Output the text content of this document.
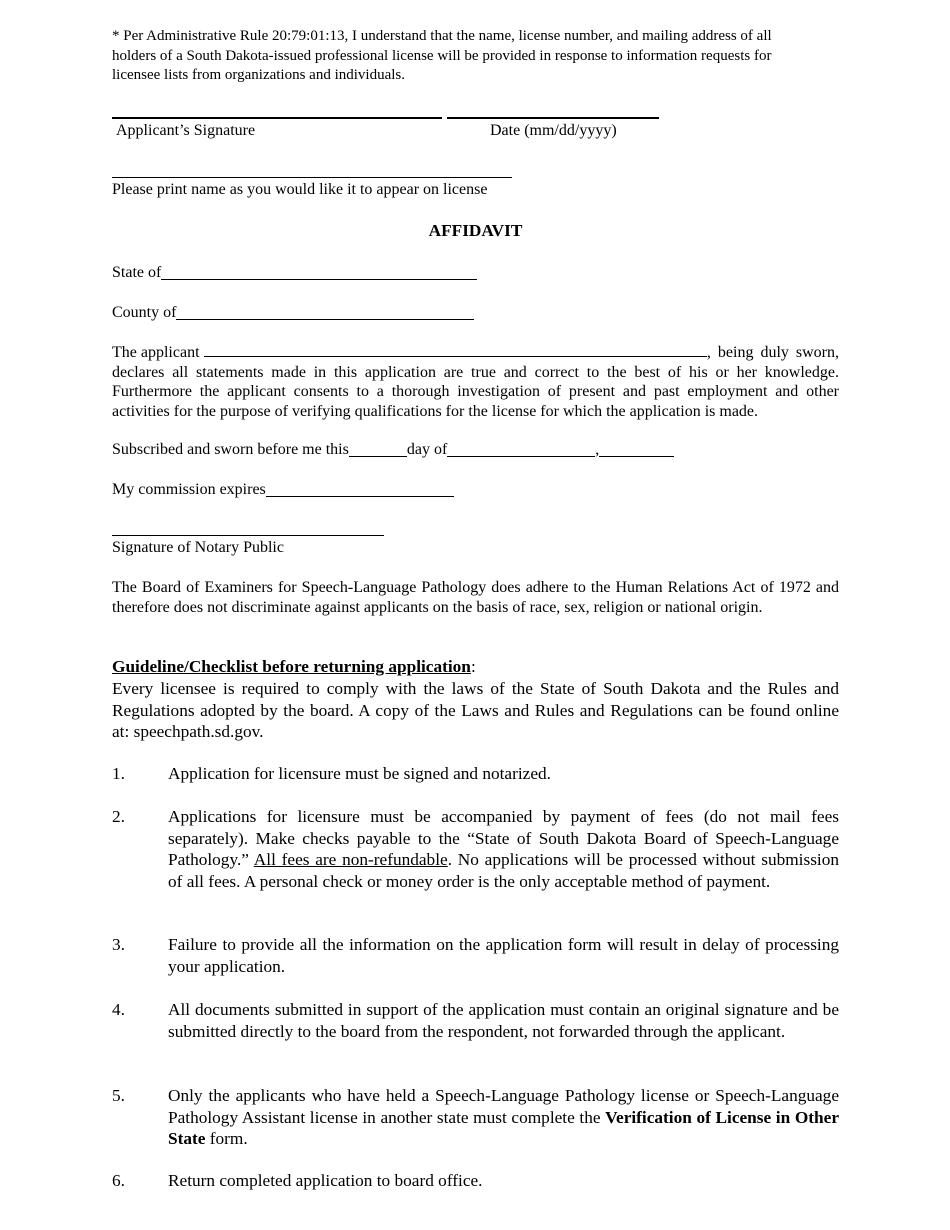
* Per Administrative Rule 20:79:01:13, I understand that the name, license number, and mailing address of all holders of a South Dakota-issued professional license will be provided in response to information requests for licensee lists from organizations and individuals.
Applicant’s Signature	Date (mm/dd/yyyy)
Please print name as you would like it to appear on license
AFFIDAVIT
State of
County of
The applicant	, being duly sworn,
declares all statements made in this application are true and correct to the best of his or her knowledge. Furthermore the applicant consents to a thorough investigation of present and past employment and other activities for the purpose of verifying qualifications for the license for which the application is made.
Subscribed and sworn before me this	day of	,
My commission expires
Signature of Notary Public
The Board of Examiners for Speech-Language Pathology does adhere to the Human Relations Act of 1972 and therefore does not discriminate against applicants on the basis of race, sex, religion or national origin.
Guideline/Checklist before returning application:
Every licensee is required to comply with the laws of the State of South Dakota and the Rules and Regulations adopted by the board. A copy of the Laws and Rules and Regulations can be found online at: speechpath.sd.gov.
1. Application for licensure must be signed and notarized.
2. Applications for licensure must be accompanied by payment of fees (do not mail fees separately). Make checks payable to the “State of South Dakota Board of Speech-Language Pathology.” All fees are non-refundable. No applications will be processed without submission of all fees. A personal check or money order is the only acceptable method of payment.
3. Failure to provide all the information on the application form will result in delay of processing your application.
4. All documents submitted in support of the application must contain an original signature and be submitted directly to the board from the respondent, not forwarded through the applicant.
5. Only the applicants who have held a Speech-Language Pathology license or Speech-Language Pathology Assistant license in another state must complete the Verification of License in Other State form.
6. Return completed application to board office.
